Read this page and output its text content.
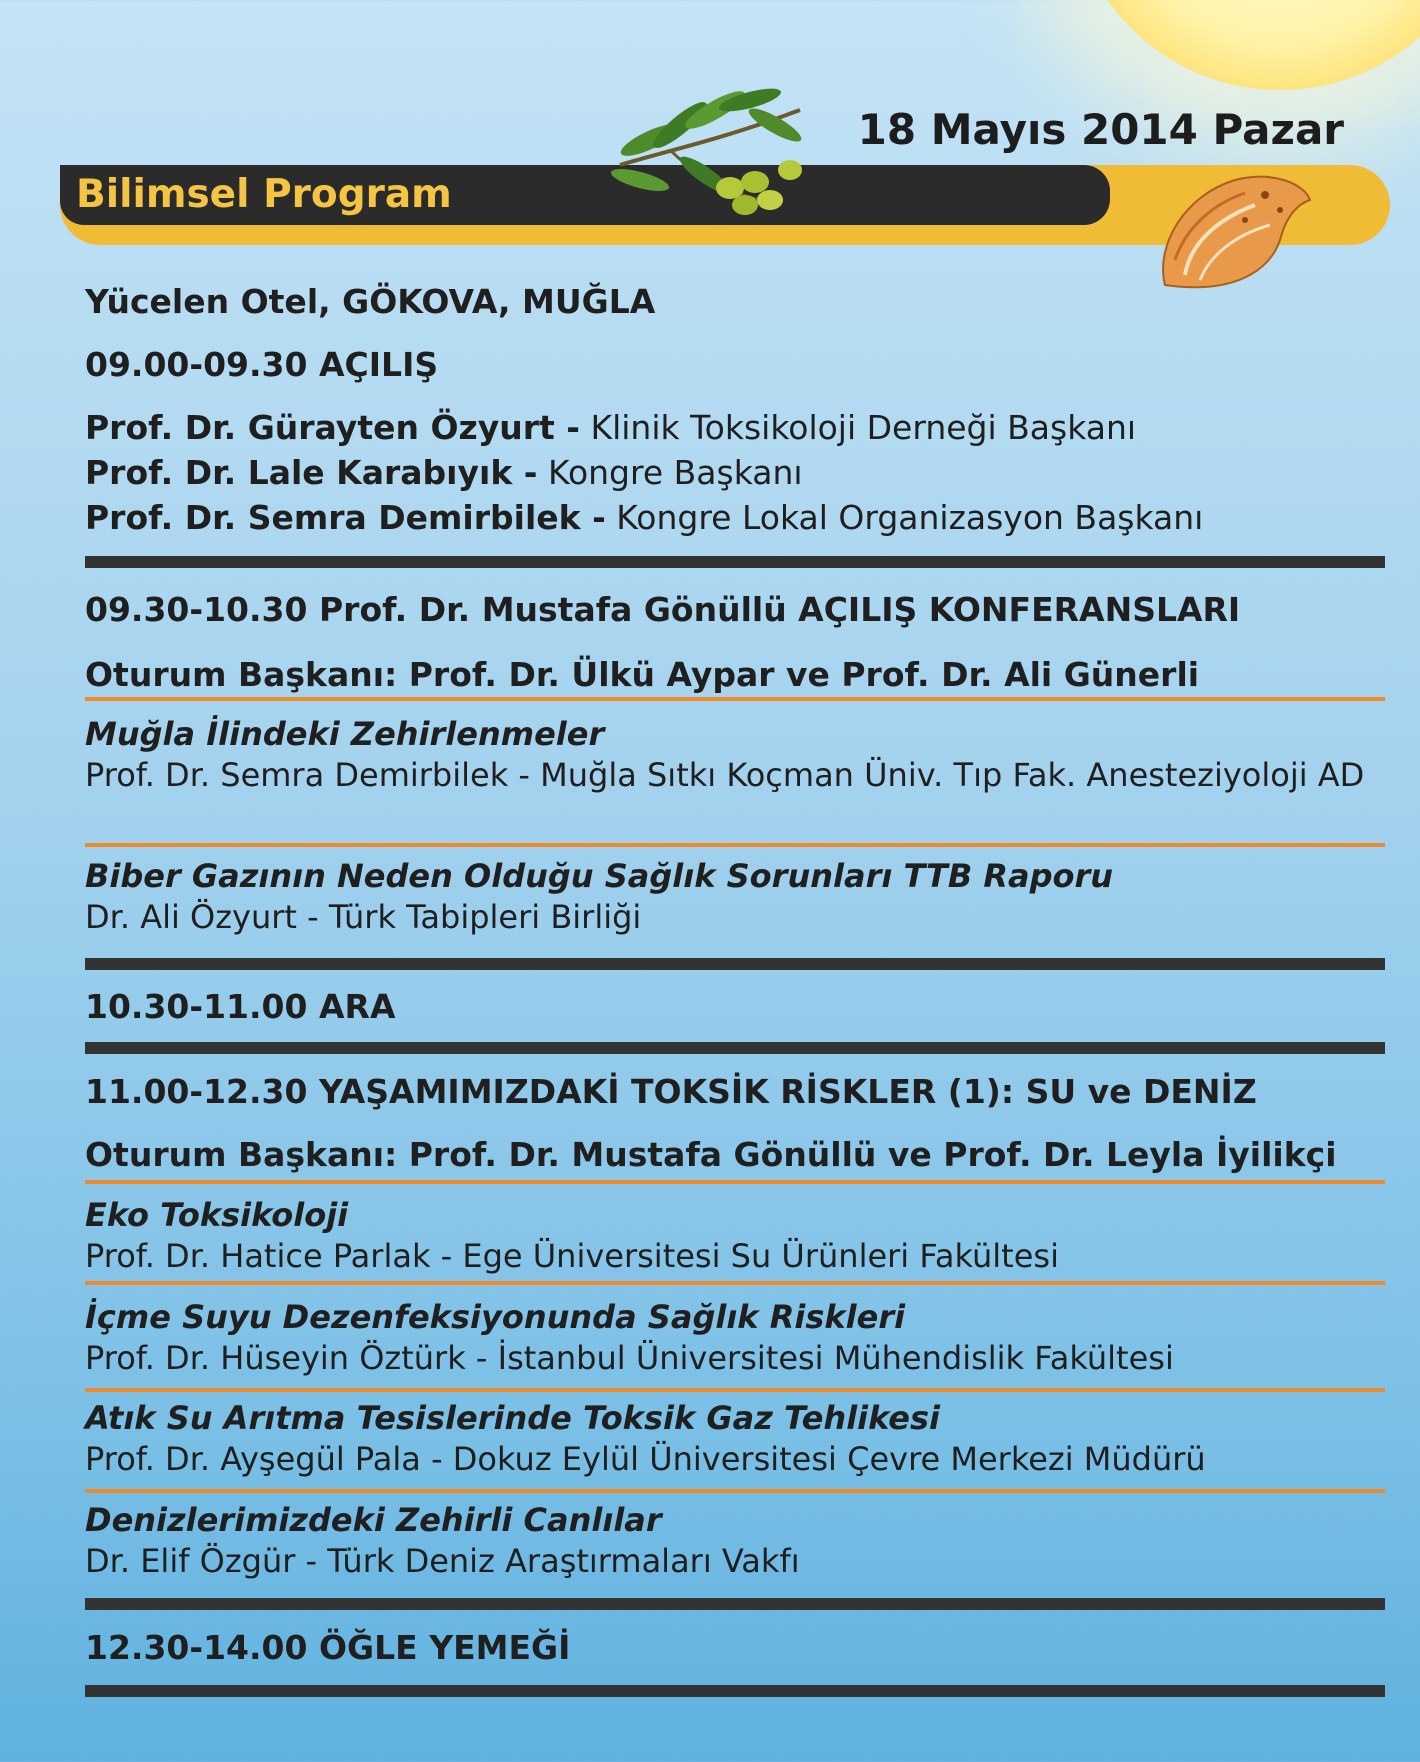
18 Mayıs 2014 Pazar
Bilimsel Program
Yücelen Otel, GÖKOVA, MUĞLA
09.00-09.30 AÇILIŞ
Prof. Dr. Gürayten Özyurt - Klinik Toksikoloji Derneği Başkanı
Prof. Dr. Lale Karabıyık - Kongre Başkanı
Prof. Dr. Semra Demirbilek - Kongre Lokal Organizasyon Başkanı
09.30-10.30 Prof. Dr. Mustafa Gönüllü AÇILIŞ KONFERANSLARI
Oturum Başkanı: Prof. Dr. Ülkü Aypar ve Prof. Dr. Ali Günerli
Muğla İlindeki Zehirlenmeler
Prof. Dr. Semra Demirbilek - Muğla Sıtkı Koçman Üniv. Tıp Fak. Anesteziyoloji AD
Biber Gazının Neden Olduğu Sağlık Sorunları TTB Raporu
Dr. Ali Özyurt - Türk Tabipleri Birliği
10.30-11.00 ARA
11.00-12.30 YAŞAMIMIZDAKİ TOKSİK RİSKLER (1): SU ve DENİZ
Oturum Başkanı: Prof. Dr. Mustafa Gönüllü ve Prof. Dr. Leyla İyilikçi
Eko Toksikoloji
Prof. Dr. Hatice Parlak - Ege Üniversitesi Su Ürünleri Fakültesi
İçme Suyu Dezenfeksiyonunda Sağlık Riskleri
Prof. Dr. Hüseyin Öztürk - İstanbul Üniversitesi Mühendislik Fakültesi
Atık Su Arıtma Tesislerinde Toksik Gaz Tehlikesi
Prof. Dr. Ayşegül Pala - Dokuz Eylül Üniversitesi Çevre Merkezi Müdürü
Denizlerimizdeki Zehirli Canlılar
Dr. Elif Özgür - Türk Deniz Araştırmaları Vakfı
12.30-14.00 ÖĞLE YEMEĞİ
